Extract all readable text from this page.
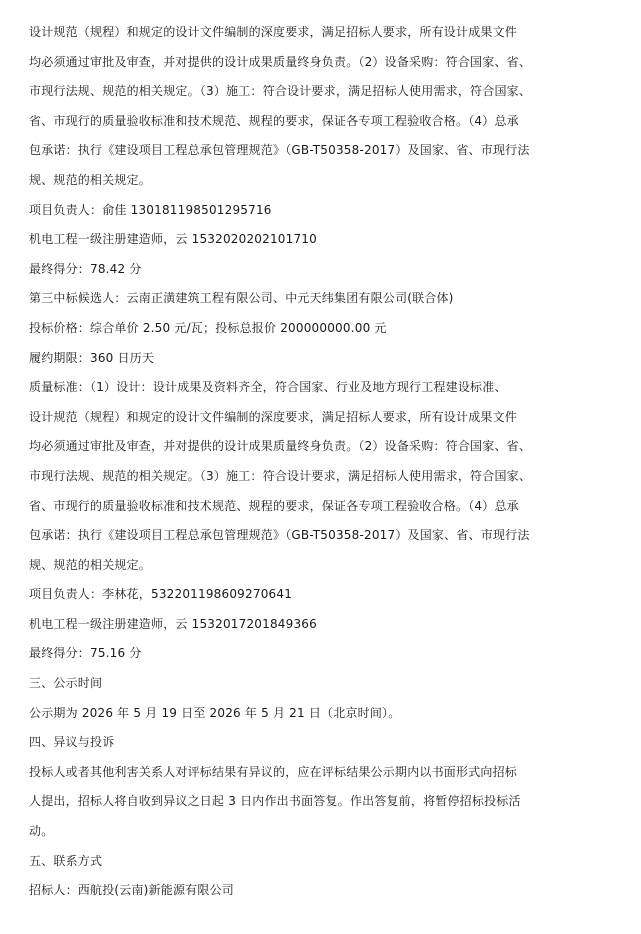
设计规范（规程）和规定的设计文件编制的深度要求，满足招标人要求，所有设计成果文件
均必须通过审批及审查，并对提供的设计成果质量终身负责。（2）设备采购：符合国家、省、
市现行法规、规范的相关规定。（3）施工：符合设计要求，满足招标人使用需求，符合国家、
省、市现行的质量验收标准和技术规范、规程的要求，保证各专项工程验收合格。（4）总承
包承诺：执行《建设项目工程总承包管理规范》（GB-T50358-2017）及国家、省、市现行法
规、规范的相关规定。

项目负责人：俞佳 130181198501295716

机电工程一级注册建造师，云 1532020202101710

最终得分：78.42 分

第三中标候选人：云南正潢建筑工程有限公司、中元天纬集团有限公司(联合体)

投标价格：综合单价 2.50 元/瓦；投标总报价 200000000.00 元

履约期限：360 日历天

质量标准：（1）设计：设计成果及资料齐全，符合国家、行业及地方现行工程建设标准、
设计规范（规程）和规定的设计文件编制的深度要求，满足招标人要求，所有设计成果文件
均必须通过审批及审查，并对提供的设计成果质量终身负责。（2）设备采购：符合国家、省、
市现行法规、规范的相关规定。（3）施工：符合设计要求，满足招标人使用需求，符合国家、
省、市现行的质量验收标准和技术规范、规程的要求，保证各专项工程验收合格。（4）总承
包承诺：执行《建设项目工程总承包管理规范》（GB-T50358-2017）及国家、省、市现行法
规、规范的相关规定。

项目负责人：李林花，532201198609270641

机电工程一级注册建造师，云 1532017201849366

最终得分：75.16 分

三、公示时间

公示期为 2026 年 5 月 19 日至 2026 年 5 月 21 日（北京时间）。

四、异议与投诉

投标人或者其他利害关系人对评标结果有异议的，应在评标结果公示期内以书面形式向招标
人提出，招标人将自收到异议之日起 3 日内作出书面答复。作出答复前，将暂停招标投标活
动。

五、联系方式

招标人：西航投(云南)新能源有限公司
